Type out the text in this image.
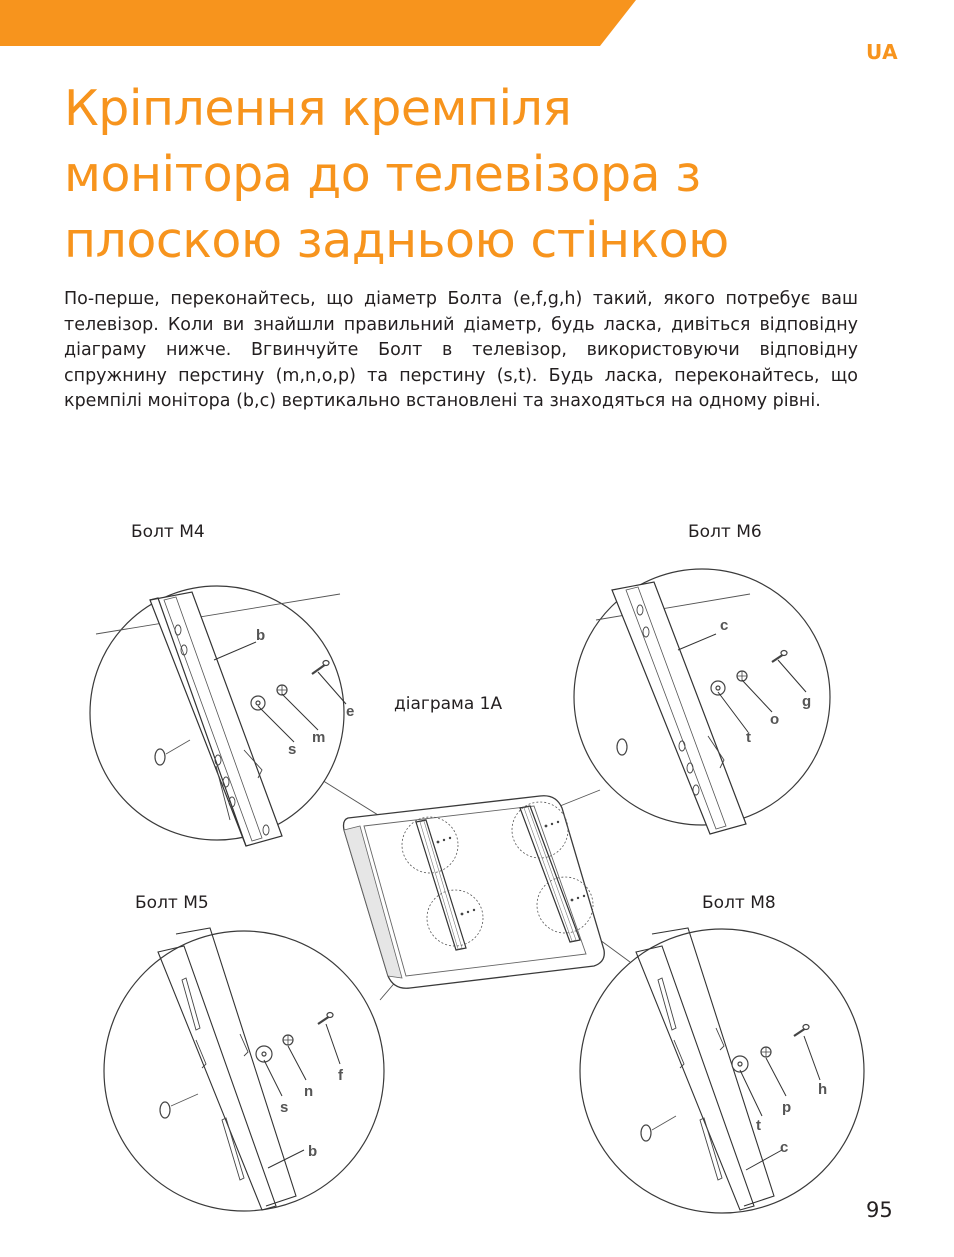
UA
Кріплення кремпіля
монітора до телевізора з
плоскою задньою стінкою

По-перше, переконайтесь, що діаметр Болта (e,f,g,h) такий, якого потребує ваш телевізор. Коли ви знайшли правильний діаметр, будь ласка, дивіться відповідну діаграму нижче. Вгвинчуйте Болт в телевізор, використовуючи відповідну спружнину перстину (m,n,o,p) та перстину (s,t). Будь ласка, переконайтесь, що кремпілі монітора (b,c) вертикально встановлені та знаходяться на одному рівні.

Болт M4	Болт M6
Болт M5	Болт M8
діаграма 1A
b
e
m
s
c
g
o
t
f
n
s
b
h
p
t
c
95
